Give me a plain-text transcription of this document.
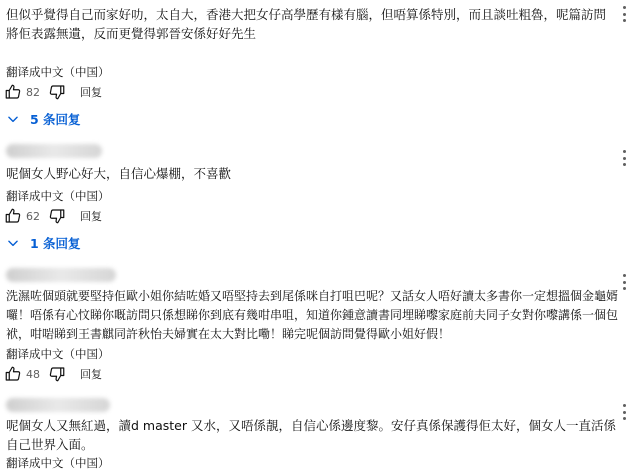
但似乎覺得自己而家好叻，太自大，香港大把女仔高學歷有樣有腦，但唔算係特別，而且談吐粗魯，呢篇訪問將佢表露無遺，反而更覺得郭晉安係好好先生

翻译成中文（中国）
82	回复
5 条回复

呢個女人野心好大，自信心爆棚，不喜歡

翻译成中文（中国）
62	回复
1 条回复

洗濕咗個頭就要堅持佢歐小姐你結咗婚又唔堅持去到尾係咪自打咀巴呢？又話女人唔好讀太多書你一定想搵個金龜婿囉！唔係有心忟睇你嘅訪問只係想睇你到底有幾咁串咀，知道你鍾意讀書同埋睇嚟家庭前夫同子女對你嚟講係一個包袱，咁啱睇到王書麒同許秋怡夫婦實在太大對比嘞！睇完呢個訪問覺得歐小姐好假！

翻译成中文（中国）
48	回复

呢個女人又無紅過，讀d master 又水，又唔係靚，自信心係邊度黎。安仔真係保護得佢太好，個女人一直活係自己世界入面。

翻译成中文（中国）
